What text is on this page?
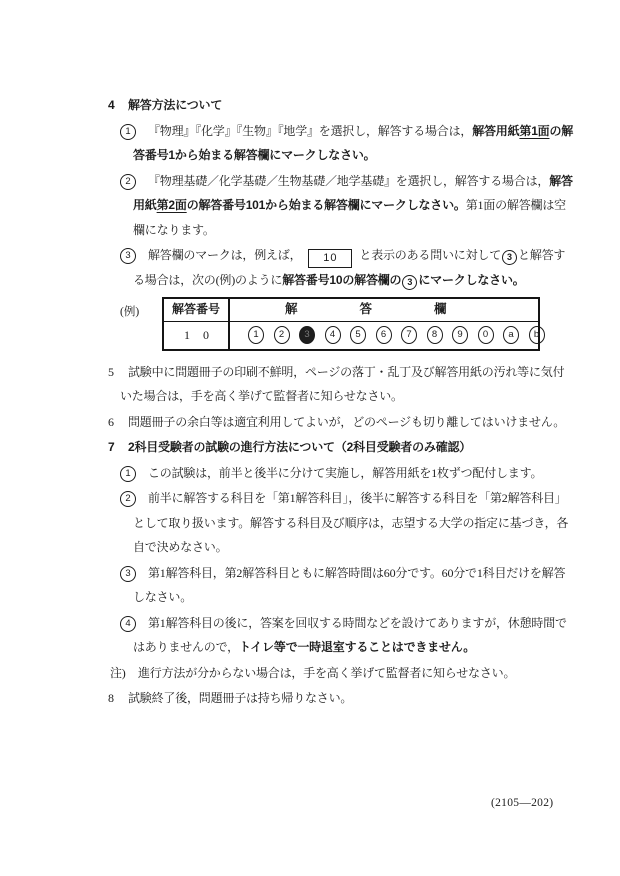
4 解答方法について
1	『物理』『化学』『生物』『地学』を選択し，解答する場合は，解答用紙第1面の解答番号1から始まる解答欄にマークしなさい。
2	『物理基礎／化学基礎／生物基礎／地学基礎』を選択し，解答する場合は，解答用紙第2面の解答番号101から始まる解答欄にマークしなさい。第1面の解答欄は空欄になります。
3	解答欄のマークは，例えば， 10 と表示のある問いに対して 3 と解答する場合は，次の(例)のように解答番号10の解答欄の 3 にマークしなさい。
(例)	解答番号	解	答	欄
1 0	1	2	3	4	5	6	7	8	9	0	a	b
5 試験中に問題冊子の印刷不鮮明，ページの落丁・乱丁及び解答用紙の汚れ等に気付いた場合は，手を高く挙げて監督者に知らせなさい。
6 問題冊子の余白等は適宜利用してよいが，どのページも切り離してはいけません。
7 2科目受験者の試験の進行方法について（2科目受験者のみ確認）
1	この試験は，前半と後半に分けて実施し，解答用紙を1枚ずつ配付します。
2	前半に解答する科目を「第1解答科目」，後半に解答する科目を「第2解答科目」として取り扱います。解答する科目及び順序は，志望する大学の指定に基づき，各自で決めなさい。
3	第1解答科目，第2解答科目ともに解答時間は60分です。60分で1科目だけを解答しなさい。
4	第1解答科目の後に，答案を回収する時間などを設けてありますが，休憩時間ではありませんので，トイレ等で一時退室することはできません。
注) 進行方法が分からない場合は，手を高く挙げて監督者に知らせなさい。
8 試験終了後，問題冊子は持ち帰りなさい。
(2105—202)
